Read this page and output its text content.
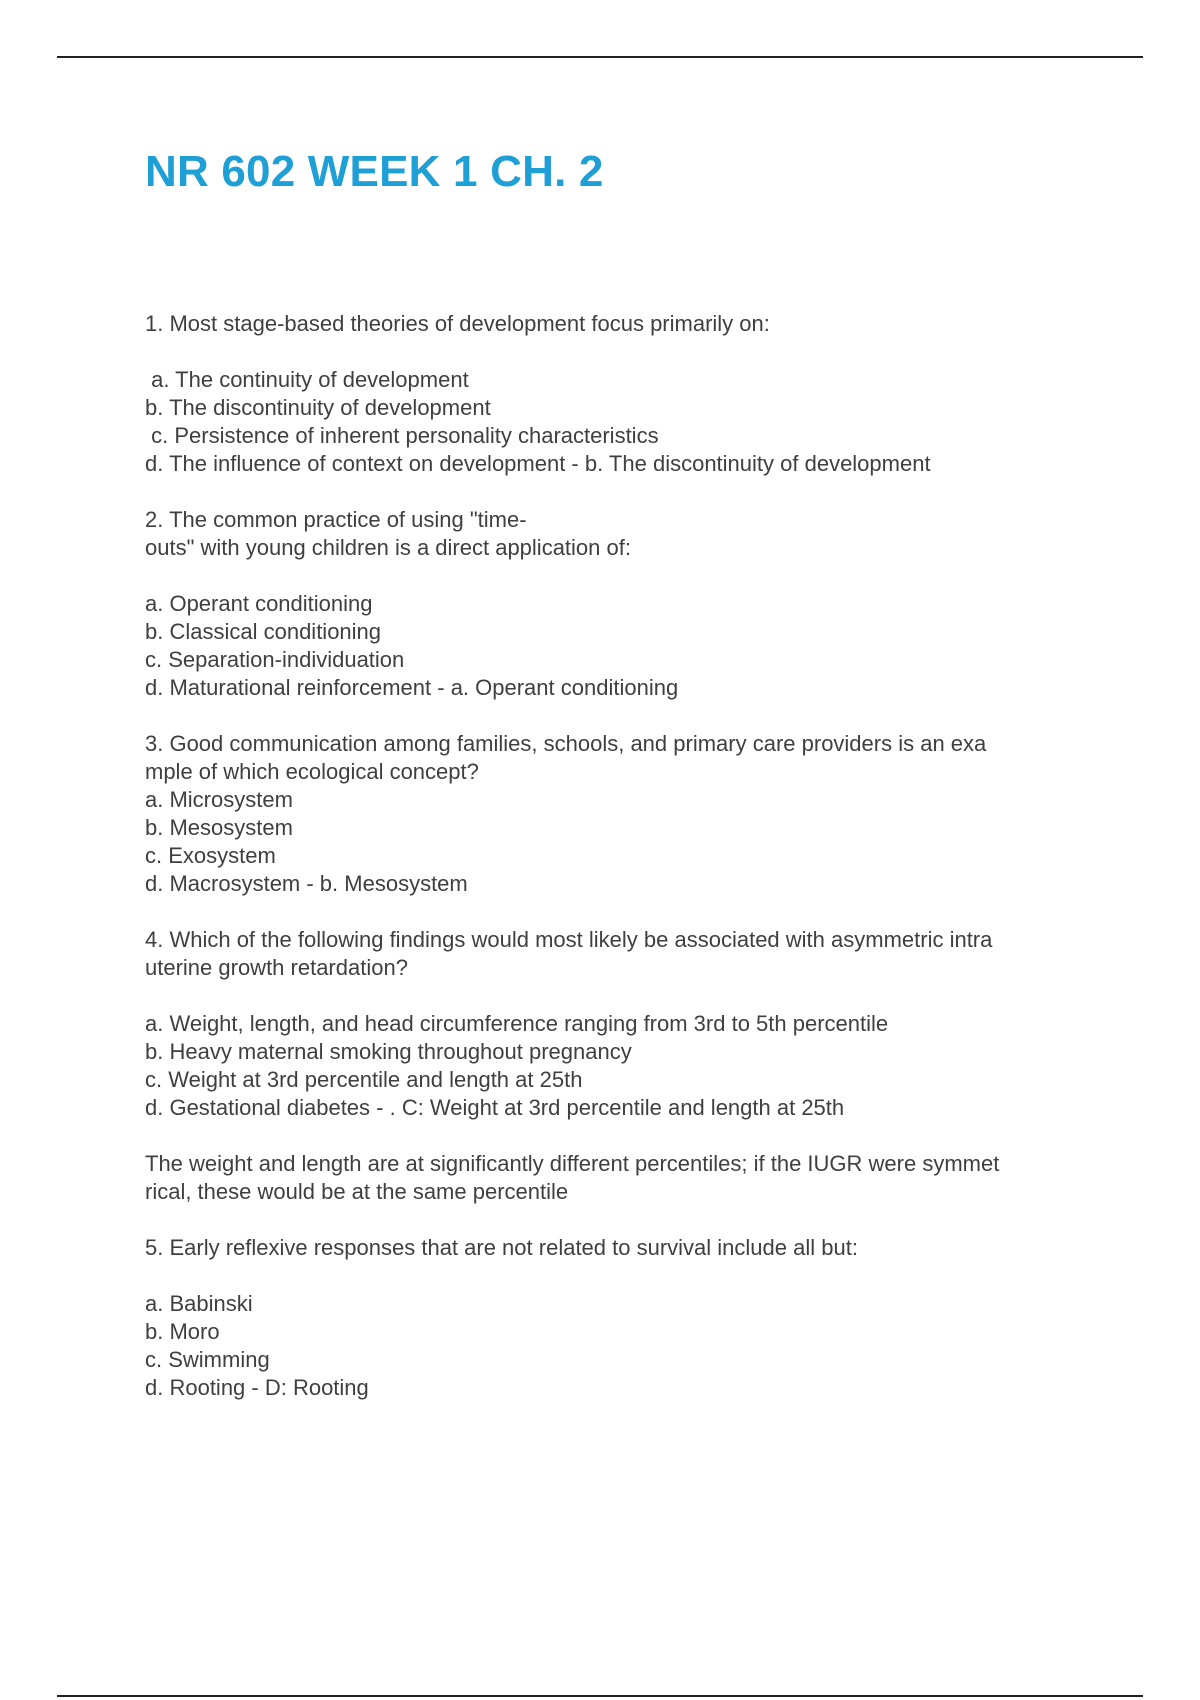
NR 602 WEEK 1 CH. 2
1. Most stage-based theories of development focus primarily on:
a. The continuity of development
b. The discontinuity of development
c. Persistence of inherent personality characteristics
d. The influence of context on development - b. The discontinuity of development
2. The common practice of using "time-
outs" with young children is a direct application of:
a. Operant conditioning
b. Classical conditioning
c. Separation-individuation
d. Maturational reinforcement - a. Operant conditioning
3. Good communication among families, schools, and primary care providers is an exa
mple of which ecological concept?
a. Microsystem
b. Mesosystem
c. Exosystem
d. Macrosystem - b. Mesosystem
4. Which of the following findings would most likely be associated with asymmetric intra
uterine growth retardation?
a. Weight, length, and head circumference ranging from 3rd to 5th percentile
b. Heavy maternal smoking throughout pregnancy
c. Weight at 3rd percentile and length at 25th
d. Gestational diabetes - . C: Weight at 3rd percentile and length at 25th
The weight and length are at significantly different percentiles; if the IUGR were symmet
rical, these would be at the same percentile
5. Early reflexive responses that are not related to survival include all but:
a. Babinski
b. Moro
c. Swimming
d. Rooting - D: Rooting
